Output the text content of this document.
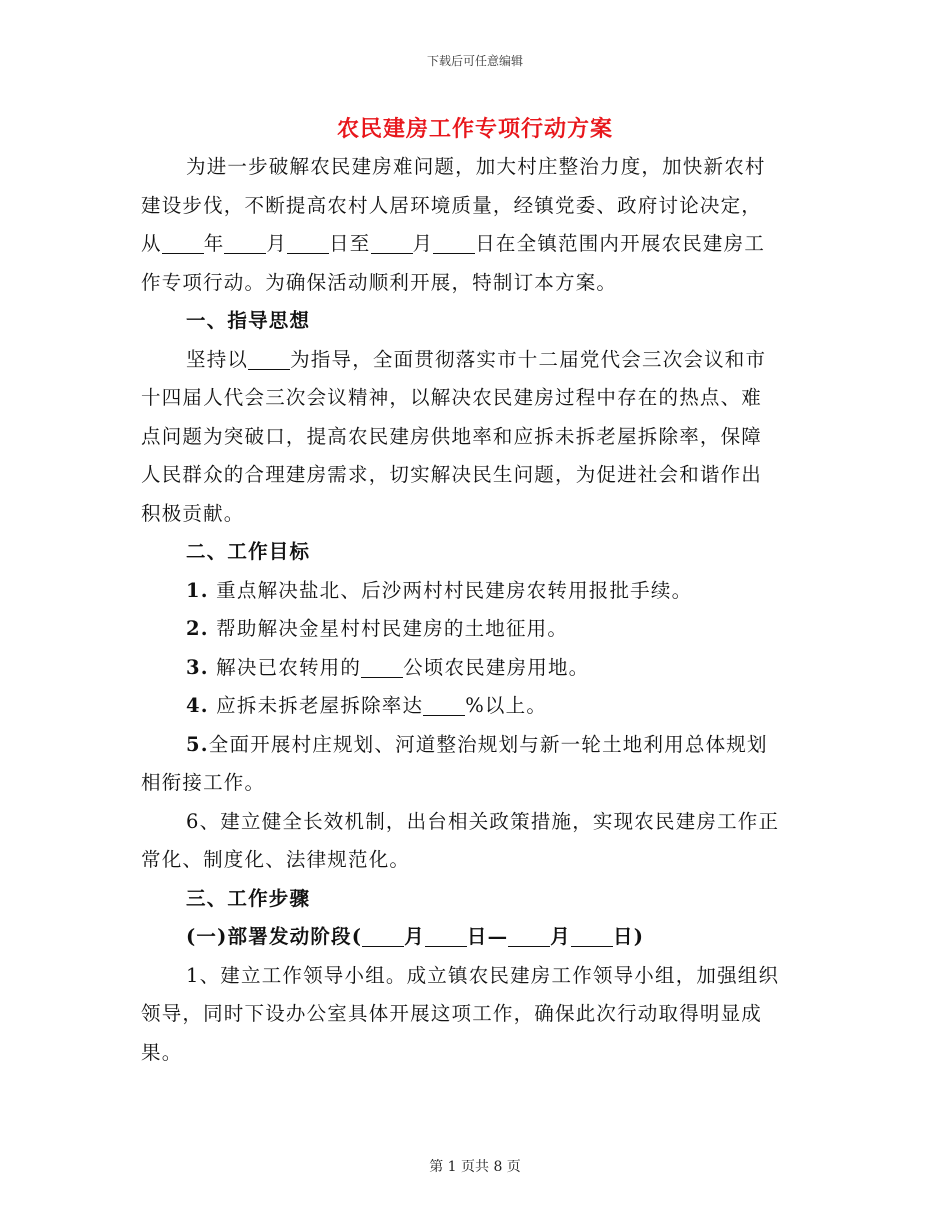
下载后可任意编辑
农民建房工作专项行动方案
为进一步破解农民建房难问题，加大村庄整治力度，加快新农村
建设步伐，不断提高农村人居环境质量，经镇党委、政府讨论决定，
从 年 月 日至 月 日在全镇范围内开展农民建房工
作专项行动。为确保活动顺利开展，特制订本方案。
一、指导思想
坚持以 为指导，全面贯彻落实市十二届党代会三次会议和市
十四届人代会三次会议精神，以解决农民建房过程中存在的热点、难
点问题为突破口，提高农民建房供地率和应拆未拆老屋拆除率，保障
人民群众的合理建房需求，切实解决民生问题，为促进社会和谐作出
积极贡献。
二、工作目标
1. 重点解决盐北、后沙两村村民建房农转用报批手续。
2. 帮助解决金星村村民建房的土地征用。
3. 解决已农转用的 公顷农民建房用地。
4. 应拆未拆老屋拆除率达 %以上。
5.全面开展村庄规划、河道整治规划与新一轮土地利用总体规划
相衔接工作。
6、建立健全长效机制，出台相关政策措施，实现农民建房工作正
常化、制度化、法律规范化。
三、工作步骤
(一)部署发动阶段( 月 日— 月 日)
1、建立工作领导小组。成立镇农民建房工作领导小组，加强组织
领导，同时下设办公室具体开展这项工作，确保此次行动取得明显成
果。
第 1 页共 8 页
